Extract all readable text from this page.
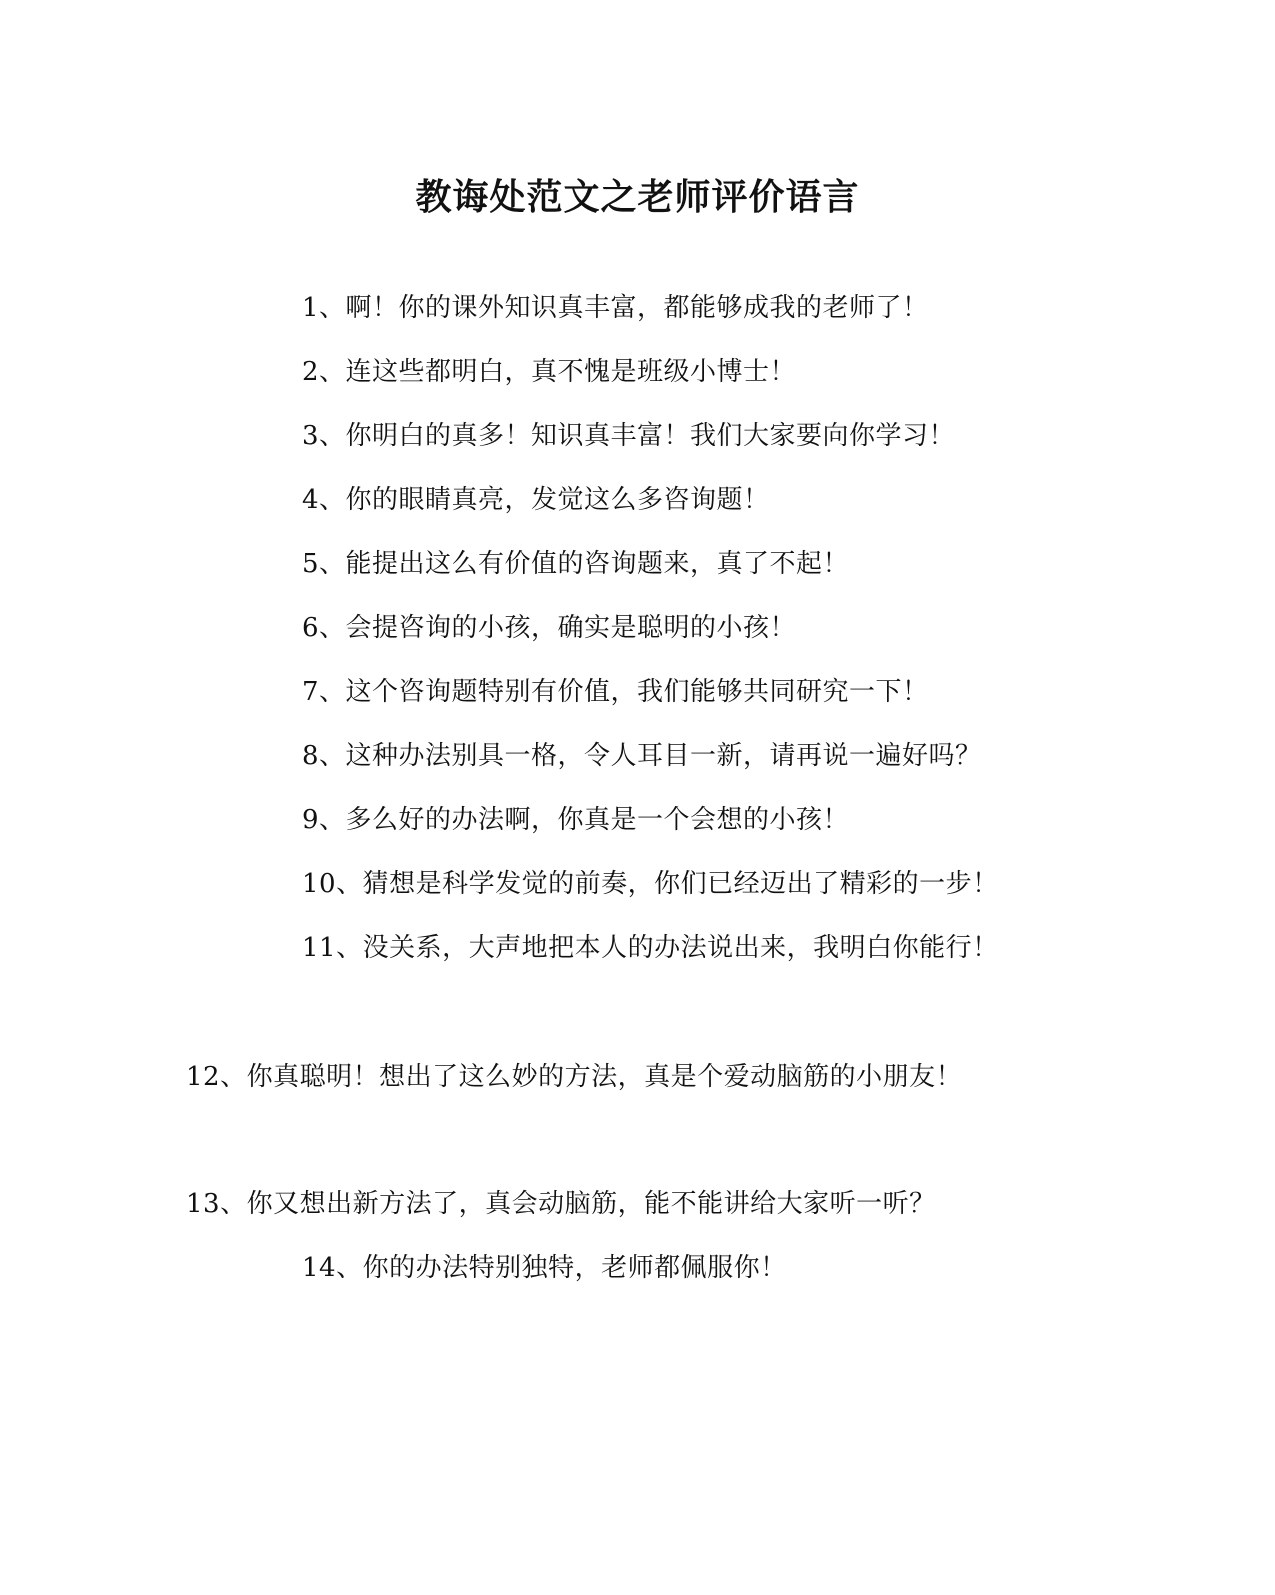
教诲处范文之老师评价语言
1、啊！你的课外知识真丰富，都能够成我的老师了！
2、连这些都明白，真不愧是班级小博士！
3、你明白的真多！知识真丰富！我们大家要向你学习！
4、你的眼睛真亮，发觉这么多咨询题！
5、能提出这么有价值的咨询题来，真了不起！
6、会提咨询的小孩，确实是聪明的小孩！
7、这个咨询题特别有价值，我们能够共同研究一下！
8、这种办法别具一格，令人耳目一新，请再说一遍好吗？
9、多么好的办法啊，你真是一个会想的小孩！
10、猜想是科学发觉的前奏，你们已经迈出了精彩的一步！
11、没关系，大声地把本人的办法说出来，我明白你能行！
12、你真聪明！想出了这么妙的方法，真是个爱动脑筋的小朋友！
13、你又想出新方法了，真会动脑筋，能不能讲给大家听一听？
14、你的办法特别独特，老师都佩服你！
